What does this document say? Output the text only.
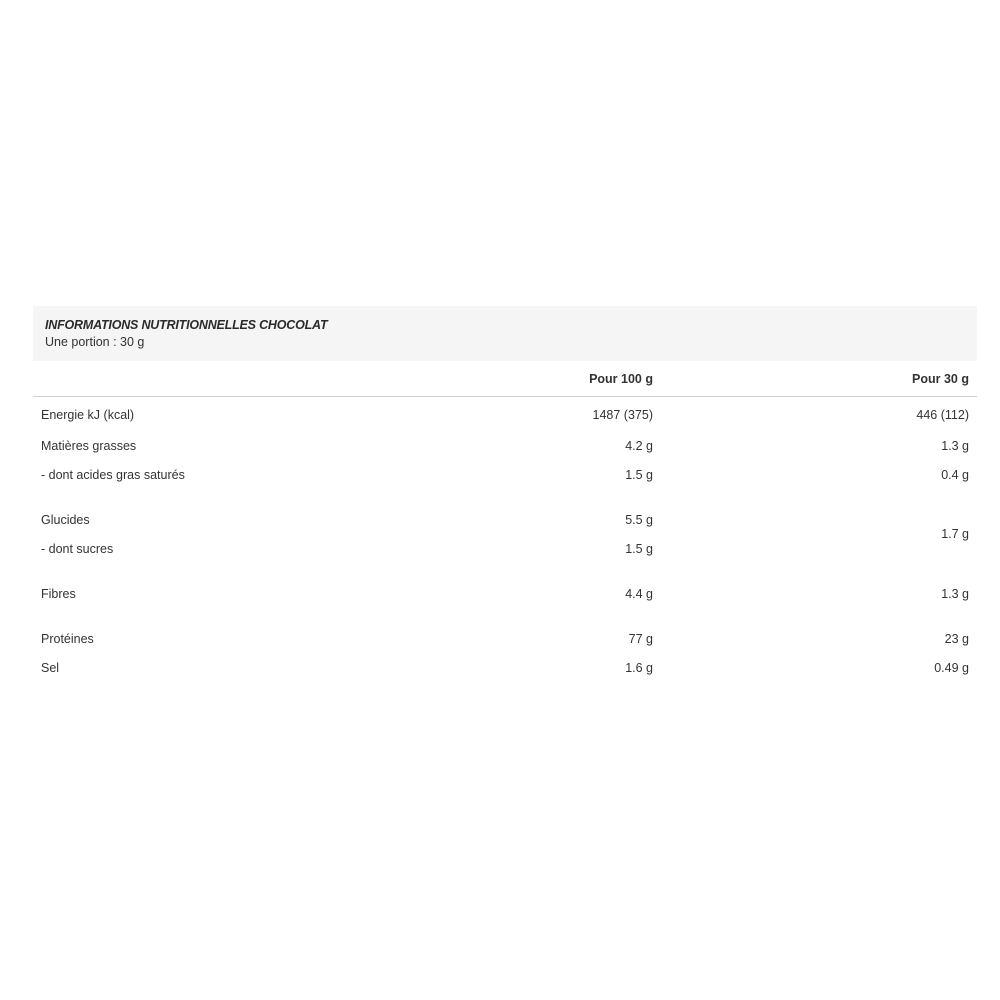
INFORMATIONS NUTRITIONNELLES CHOCOLAT
Une portion : 30 g
	Pour 100 g	Pour 30 g
Energie kJ (kcal)	1487 (375)	446 (112)
Matières grasses	4.2 g	1.3 g
- dont acides gras saturés	1.5 g	0.4 g

Glucides	5.5 g	1.7 g
- dont sucres	1.5 g	

Fibres	4.4 g	1.3 g

Protéines	77 g	23 g
Sel	1.6 g	0.49 g
